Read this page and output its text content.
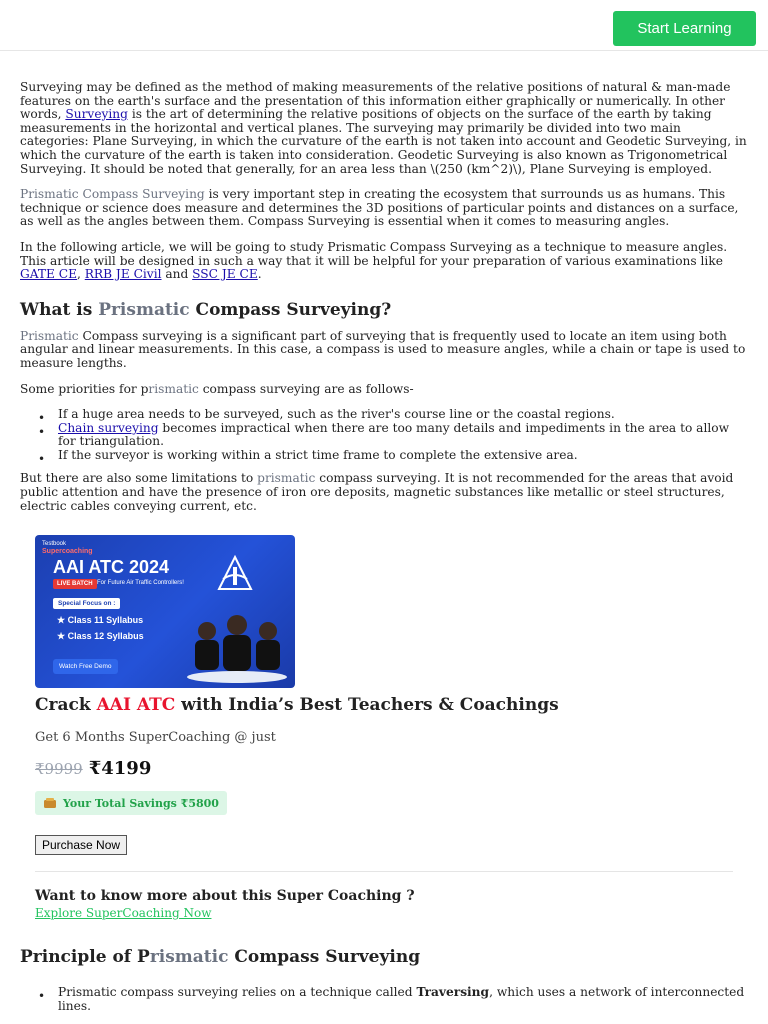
Start Learning

Surveying may be defined as the method of making measurements of the relative positions of natural & man-made features on the earth's surface and the presentation of this information either graphically or numerically. In other words, Surveying is the art of determining the relative positions of objects on the surface of the earth by taking measurements in the horizontal and vertical planes. The surveying may primarily be divided into two main categories: Plane Surveying, in which the curvature of the earth is not taken into account and Geodetic Surveying, in which the curvature of the earth is taken into consideration. Geodetic Surveying is also known as Trigonometrical Surveying. It should be noted that generally, for an area less than \(250 (km^2)\), Plane Surveying is employed.

Prismatic Compass Surveying is very important step in creating the ecosystem that surrounds us as humans. This technique or science does measure and determines the 3D positions of particular points and distances on a surface, as well as the angles between them. Compass Surveying is essential when it comes to measuring angles.

In the following article, we will be going to study Prismatic Compass Surveying as a technique to measure angles. This article will be designed in such a way that it will be helpful for your preparation of various examinations like GATE CE, RRB JE Civil and SSC JE CE.

What is Prismatic Compass Surveying?

Prismatic Compass surveying is a significant part of surveying that is frequently used to locate an item using both angular and linear measurements. In this case, a compass is used to measure angles, while a chain or tape is used to measure lengths.

Some priorities for prismatic compass surveying are as follows-

• If a huge area needs to be surveyed, such as the river's course line or the coastal regions.
• Chain surveying becomes impractical when there are too many details and impediments in the area to allow for triangulation.
• If the surveyor is working within a strict time frame to complete the extensive area.

But there are also some limitations to prismatic compass surveying. It is not recommended for the areas that avoid public attention and have the presence of iron ore deposits, magnetic substances like metallic or steel structures, electric cables conveying current, etc.

Testbook
Supercoaching
AAI ATC 2024
LIVE BATCH For Future Air Traffic Controllers!
Special Focus on :
★ Class 11 Syllabus
★ Class 12 Syllabus
Watch Free Demo
Crack AAI ATC with India’s Best Teachers & Coachings
Get 6 Months SuperCoaching @ just
₹9999 ₹4199
Your Total Savings ₹5800
Purchase Now
Want to know more about this Super Coaching ?
Explore SuperCoaching Now
Principle of Prismatic Compass Surveying
• Prismatic compass surveying relies on a technique called Traversing, which uses a network of interconnected lines.
